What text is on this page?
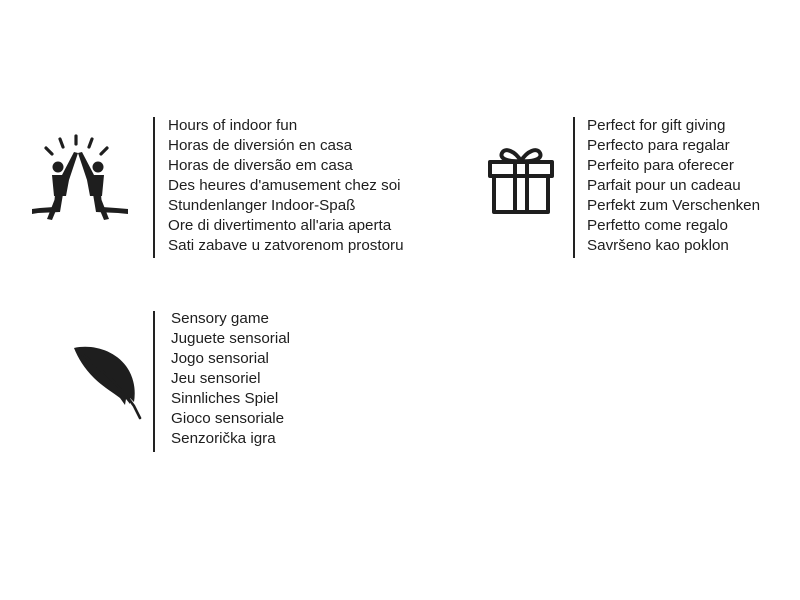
Hours of indoor fun
Horas de diversión en casa
Horas de diversão em casa
Des heures d'amusement chez soi
Stundenlanger Indoor-Spaß
Ore di divertimento all'aria aperta
Sati zabave u zatvorenom prostoru
Perfect for gift giving
Perfecto para regalar
Perfeito para oferecer
Parfait pour un cadeau
Perfekt zum Verschenken
Perfetto come regalo
Savršeno kao poklon
Sensory game
Juguete sensorial
Jogo sensorial
Jeu sensoriel
Sinnliches Spiel
Gioco sensoriale
Senzorička igra
